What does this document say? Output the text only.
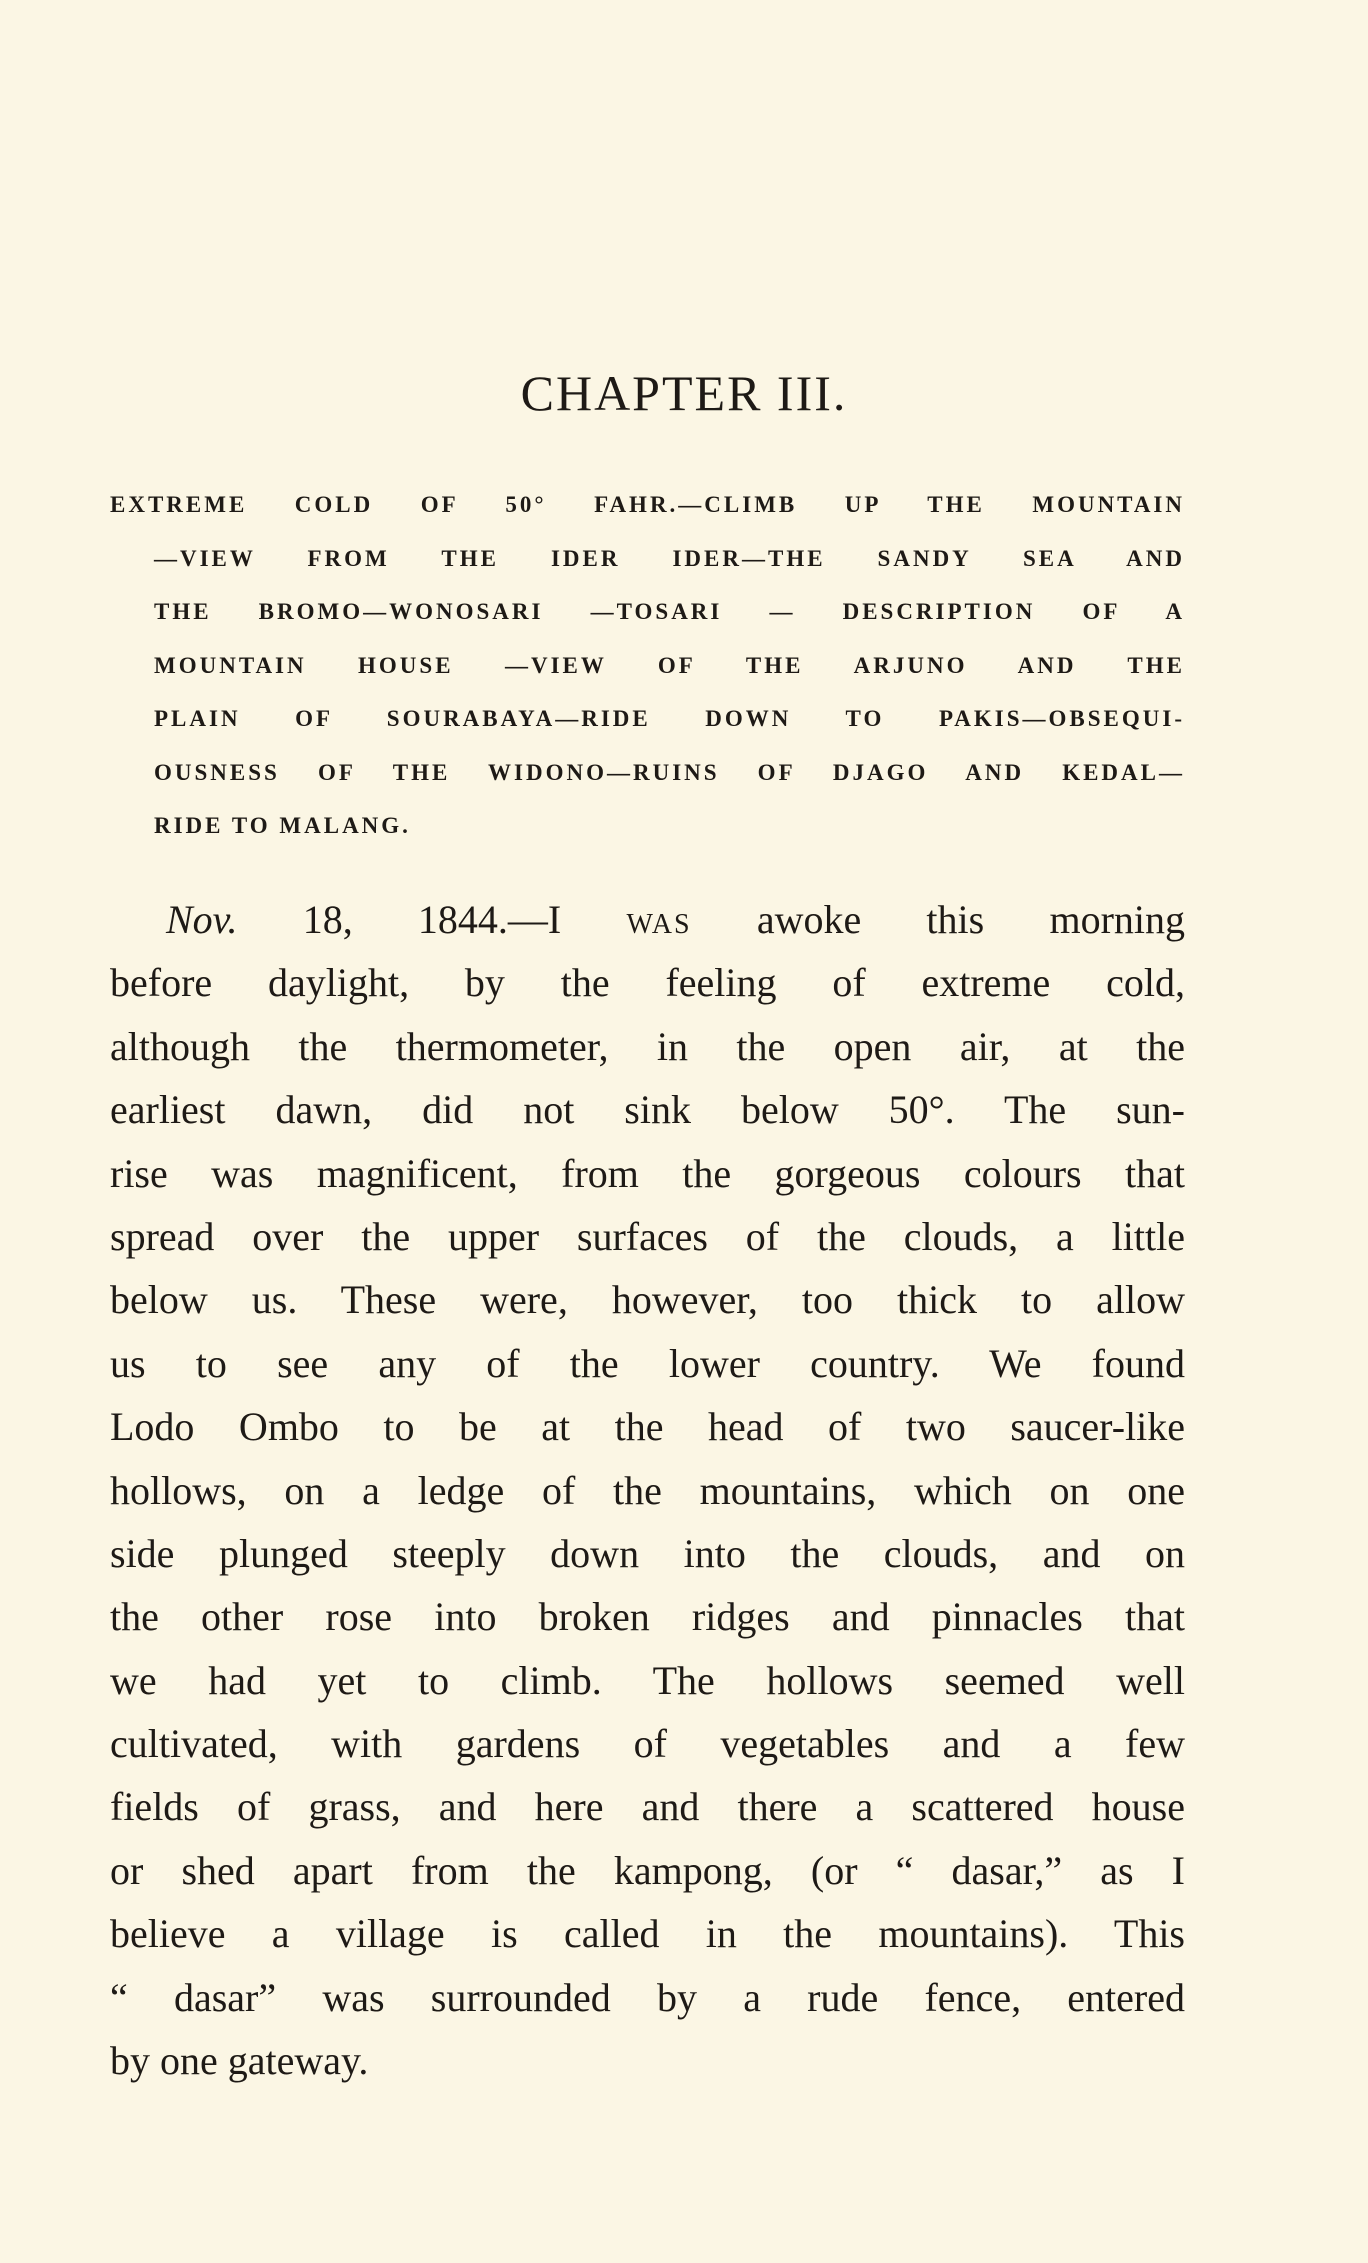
CHAPTER III.
EXTREME COLD OF 50° FAHR.—CLIMB UP THE MOUNTAIN
—VIEW FROM THE IDER IDER—THE SANDY SEA AND
THE BROMO—WONOSARI —TOSARI — DESCRIPTION OF A
MOUNTAIN HOUSE —VIEW OF THE ARJUNO AND THE
PLAIN OF SOURABAYA—RIDE DOWN TO PAKIS—OBSEQUI-
OUSNESS OF THE WIDONO—RUINS OF DJAGO AND KEDAL—
RIDE TO MALANG.
Nov. 18, 1844.—I was awoke this morning
before daylight, by the feeling of extreme cold,
although the thermometer, in the open air, at the
earliest dawn, did not sink below 50°. The sun-
rise was magnificent, from the gorgeous colours that
spread over the upper surfaces of the clouds, a little
below us. These were, however, too thick to allow
us to see any of the lower country. We found
Lodo Ombo to be at the head of two saucer-like
hollows, on a ledge of the mountains, which on one
side plunged steeply down into the clouds, and on
the other rose into broken ridges and pinnacles that
we had yet to climb. The hollows seemed well
cultivated, with gardens of vegetables and a few
fields of grass, and here and there a scattered house
or shed apart from the kampong, (or “ dasar,” as I
believe a village is called in the mountains). This
“ dasar” was surrounded by a rude fence, entered
by one gateway.
